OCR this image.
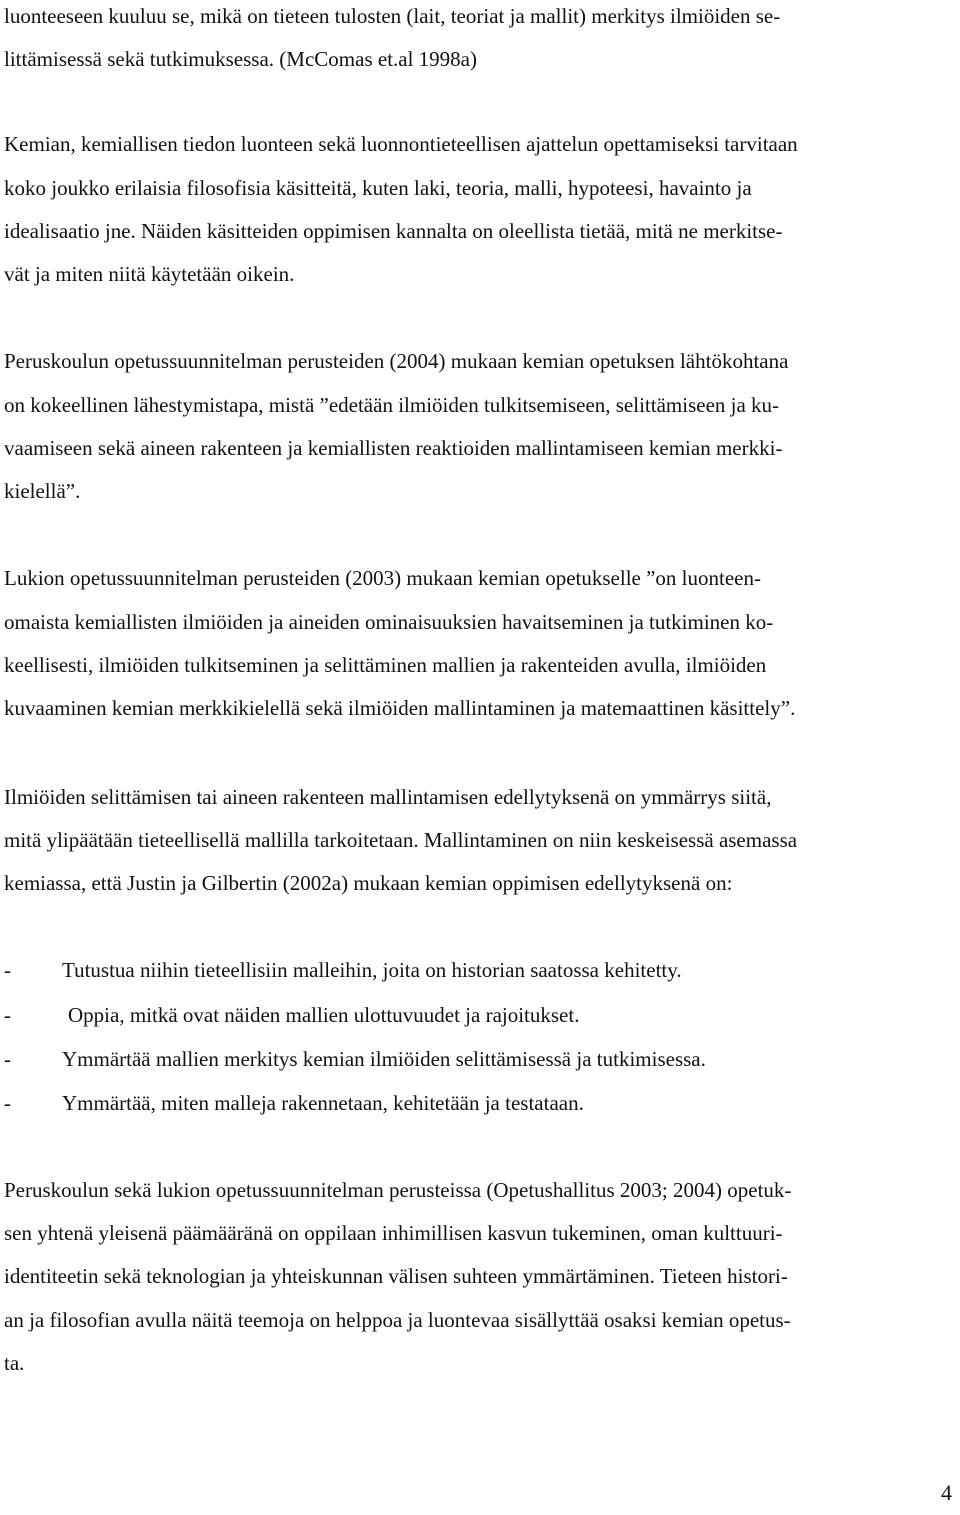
luonteeseen kuuluu se, mikä on tieteen tulosten (lait, teoriat ja mallit) merkitys ilmiöiden se-
littämisessä sekä tutkimuksessa. (McComas et.al 1998a)
Kemian, kemiallisen tiedon luonteen sekä luonnontieteellisen ajattelun opettamiseksi tarvitaan
koko joukko erilaisia filosofisia käsitteitä, kuten laki, teoria, malli, hypoteesi, havainto ja
idealisaatio jne. Näiden käsitteiden oppimisen kannalta on oleellista tietää, mitä ne merkitse-
vät ja miten niitä käytetään oikein.
Peruskoulun opetussuunnitelman perusteiden (2004) mukaan kemian opetuksen lähtökohtana
on kokeellinen lähestymistapa, mistä ”edetään ilmiöiden tulkitsemiseen, selittämiseen ja ku-
vaamiseen sekä aineen rakenteen ja kemiallisten reaktioiden mallintamiseen kemian merkki-
kielellä”.
Lukion opetussuunnitelman perusteiden (2003) mukaan kemian opetukselle ”on luonteen-
omaista kemiallisten ilmiöiden ja aineiden ominaisuuksien havaitseminen ja tutkiminen ko-
keellisesti, ilmiöiden tulkitseminen ja selittäminen mallien ja rakenteiden avulla, ilmiöiden
kuvaaminen kemian merkkikielellä sekä ilmiöiden mallintaminen ja matemaattinen käsittely”.
Ilmiöiden selittämisen tai aineen rakenteen mallintamisen edellytyksenä on ymmärrys siitä,
mitä ylipäätään tieteellisellä mallilla tarkoitetaan. Mallintaminen on niin keskeisessä asemassa
kemiassa, että Justin ja Gilbertin (2002a) mukaan kemian oppimisen edellytyksenä on:
- Tutustua niihin tieteellisiin malleihin, joita on historian saatossa kehitetty.
-	Oppia, mitkä ovat näiden mallien ulottuvuudet ja rajoitukset.
- Ymmärtää mallien merkitys kemian ilmiöiden selittämisessä ja tutkimisessa.
- Ymmärtää, miten malleja rakennetaan, kehitetään ja testataan.
Peruskoulun sekä lukion opetussuunnitelman perusteissa (Opetushallitus 2003; 2004) opetuk-
sen yhtenä yleisenä päämääränä on oppilaan inhimillisen kasvun tukeminen, oman kulttuuri-
identiteetin sekä teknologian ja yhteiskunnan välisen suhteen ymmärtäminen. Tieteen histori-
an ja filosofian avulla näitä teemoja on helppoa ja luontevaa sisällyttää osaksi kemian opetus-
ta.
4
